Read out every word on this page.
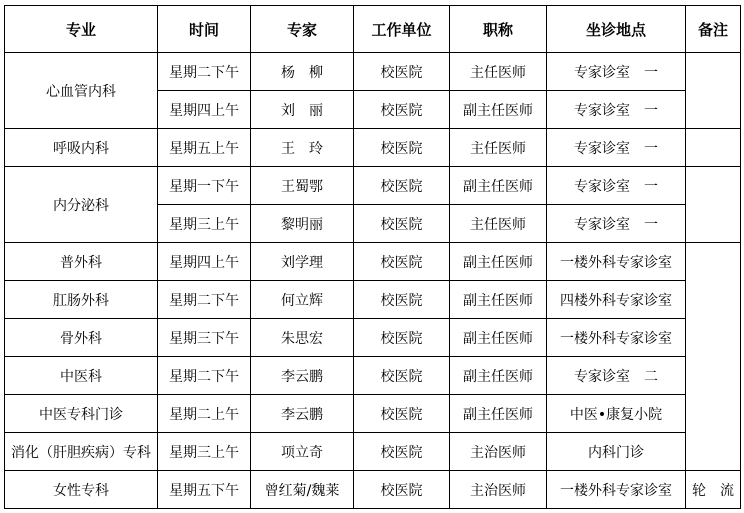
专业	时间	专家	工作单位	职称	坐诊地点	备注
心血管内科	星期二下午	杨　柳	校医院	主任医师	专家诊室　一	
	星期四上午	刘　丽	校医院	副主任医师	专家诊室　一	
呼吸内科	星期五上午	王　玲	校医院	主任医师	专家诊室　一	
内分泌科	星期一下午	王蜀鄂	校医院	副主任医师	专家诊室　一	
	星期三上午	黎明丽	校医院	主任医师	专家诊室　一	
普外科	星期四上午	刘学理	校医院	副主任医师	一楼外科专家诊室	
肛肠外科	星期二下午	何立辉	校医院	副主任医师	四楼外科专家诊室	
骨外科	星期三下午	朱思宏	校医院	副主任医师	一楼外科专家诊室	
中医科	星期二下午	李云鹏	校医院	副主任医师	专家诊室　二	
中医专科门诊	星期二上午	李云鹏	校医院	副主任医师	中医•康复小院	
消化（肝胆疾病）专科	星期三上午	项立奇	校医院	主治医师	内科门诊	
女性专科	星期五下午	曾红菊/魏莱	校医院	主治医师	一楼外科专家诊室	轮　流
